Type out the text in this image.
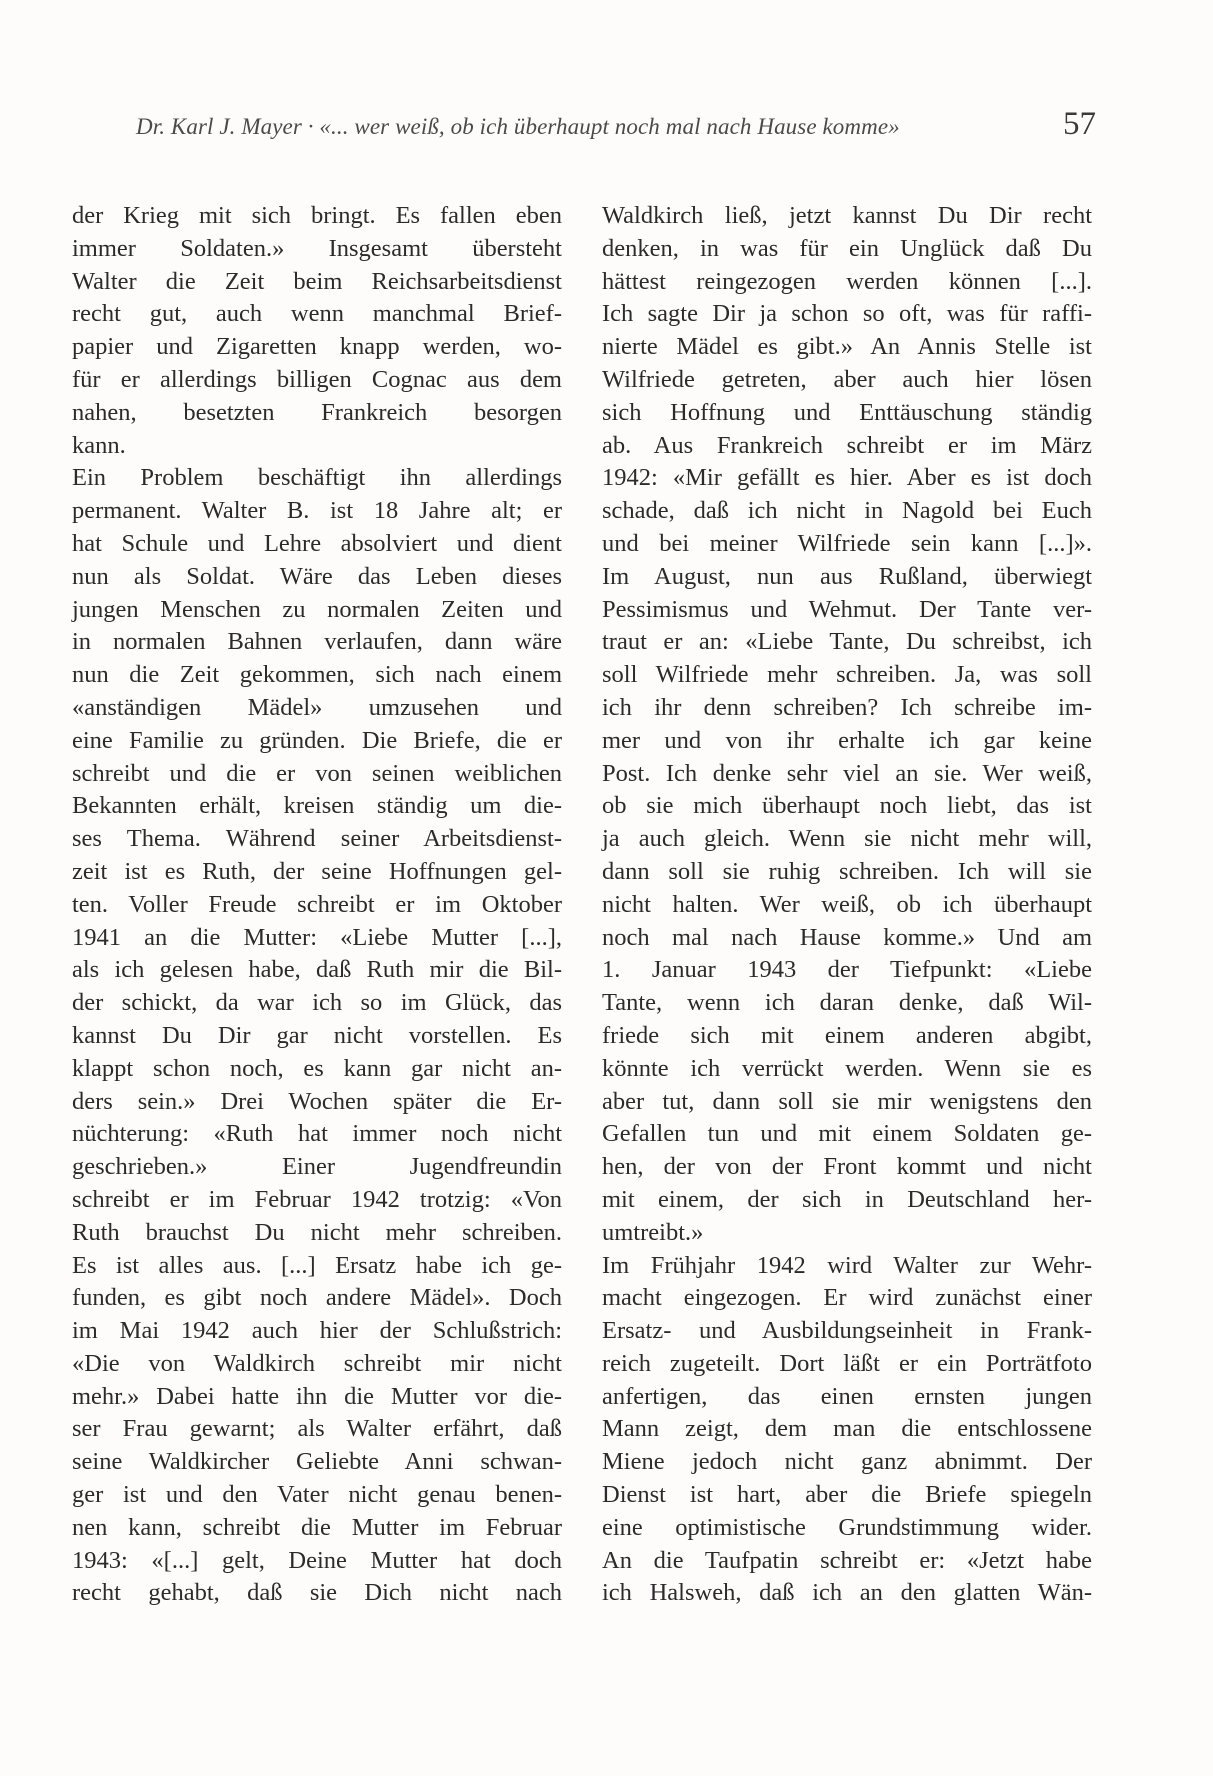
Dr. Karl J. Mayer · «... wer weiß, ob ich überhaupt noch mal nach Hause komme»	57
der Krieg mit sich bringt. Es fallen eben
immer Soldaten.» Insgesamt übersteht
Walter die Zeit beim Reichsarbeitsdienst
recht gut, auch wenn manchmal Brief-
papier und Zigaretten knapp werden, wo-
für er allerdings billigen Cognac aus dem
nahen, besetzten Frankreich besorgen
kann.
Ein Problem beschäftigt ihn allerdings
permanent. Walter B. ist 18 Jahre alt; er
hat Schule und Lehre absolviert und dient
nun als Soldat. Wäre das Leben dieses
jungen Menschen zu normalen Zeiten und
in normalen Bahnen verlaufen, dann wäre
nun die Zeit gekommen, sich nach einem
«anständigen Mädel» umzusehen und
eine Familie zu gründen. Die Briefe, die er
schreibt und die er von seinen weiblichen
Bekannten erhält, kreisen ständig um die-
ses Thema. Während seiner Arbeitsdienst-
zeit ist es Ruth, der seine Hoffnungen gel-
ten. Voller Freude schreibt er im Oktober
1941 an die Mutter: «Liebe Mutter [...],
als ich gelesen habe, daß Ruth mir die Bil-
der schickt, da war ich so im Glück, das
kannst Du Dir gar nicht vorstellen. Es
klappt schon noch, es kann gar nicht an-
ders sein.» Drei Wochen später die Er-
nüchterung: «Ruth hat immer noch nicht
geschrieben.» Einer Jugendfreundin
schreibt er im Februar 1942 trotzig: «Von
Ruth brauchst Du nicht mehr schreiben.
Es ist alles aus. [...] Ersatz habe ich ge-
funden, es gibt noch andere Mädel». Doch
im Mai 1942 auch hier der Schlußstrich:
«Die von Waldkirch schreibt mir nicht
mehr.» Dabei hatte ihn die Mutter vor die-
ser Frau gewarnt; als Walter erfährt, daß
seine Waldkircher Geliebte Anni schwan-
ger ist und den Vater nicht genau benen-
nen kann, schreibt die Mutter im Februar
1943: «[...] gelt, Deine Mutter hat doch
recht gehabt, daß sie Dich nicht nach
Waldkirch ließ, jetzt kannst Du Dir recht
denken, in was für ein Unglück daß Du
hättest reingezogen werden können [...].
Ich sagte Dir ja schon so oft, was für raffi-
nierte Mädel es gibt.» An Annis Stelle ist
Wilfriede getreten, aber auch hier lösen
sich Hoffnung und Enttäuschung ständig
ab. Aus Frankreich schreibt er im März
1942: «Mir gefällt es hier. Aber es ist doch
schade, daß ich nicht in Nagold bei Euch
und bei meiner Wilfriede sein kann [...]».
Im August, nun aus Rußland, überwiegt
Pessimismus und Wehmut. Der Tante ver-
traut er an: «Liebe Tante, Du schreibst, ich
soll Wilfriede mehr schreiben. Ja, was soll
ich ihr denn schreiben? Ich schreibe im-
mer und von ihr erhalte ich gar keine
Post. Ich denke sehr viel an sie. Wer weiß,
ob sie mich überhaupt noch liebt, das ist
ja auch gleich. Wenn sie nicht mehr will,
dann soll sie ruhig schreiben. Ich will sie
nicht halten. Wer weiß, ob ich überhaupt
noch mal nach Hause komme.» Und am
1. Januar 1943 der Tiefpunkt: «Liebe
Tante, wenn ich daran denke, daß Wil-
friede sich mit einem anderen abgibt,
könnte ich verrückt werden. Wenn sie es
aber tut, dann soll sie mir wenigstens den
Gefallen tun und mit einem Soldaten ge-
hen, der von der Front kommt und nicht
mit einem, der sich in Deutschland her-
umtreibt.»
Im Frühjahr 1942 wird Walter zur Wehr-
macht eingezogen. Er wird zunächst einer
Ersatz- und Ausbildungseinheit in Frank-
reich zugeteilt. Dort läßt er ein Porträtfoto
anfertigen, das einen ernsten jungen
Mann zeigt, dem man die entschlossene
Miene jedoch nicht ganz abnimmt. Der
Dienst ist hart, aber die Briefe spiegeln
eine optimistische Grundstimmung wider.
An die Taufpatin schreibt er: «Jetzt habe
ich Halsweh, daß ich an den glatten Wän-
